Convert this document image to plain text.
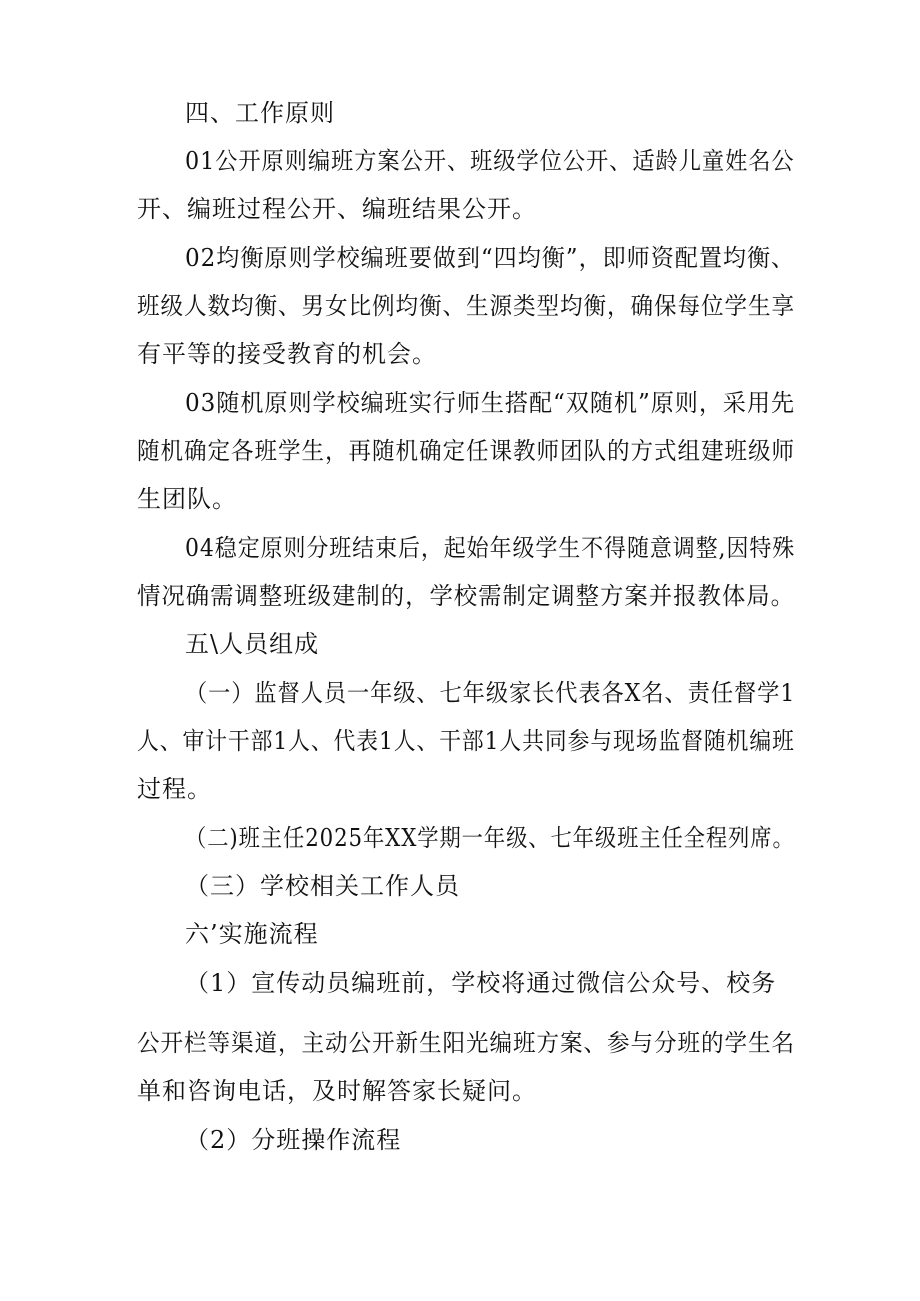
四、工作原则

01公开原则编班方案公开、班级学位公开、适龄儿童姓名公

开、编班过程公开、编班结果公开。

02均衡原则学校编班要做到“四均衡”，即师资配置均衡、

班级人数均衡、男女比例均衡、生源类型均衡，确保每位学生享

有平等的接受教育的机会。

03随机原则学校编班实行师生搭配“双随机”原则，采用先

随机确定各班学生，再随机确定任课教师团队的方式组建班级师

生团队。

04稳定原则分班结束后，起始年级学生不得随意调整,因特殊

情况确需调整班级建制的，学校需制定调整方案并报教体局。

五\人员组成

（一）监督人员一年级、七年级家长代表各X名、责任督学1

人、审计干部1人、代表1人、干部1人共同参与现场监督随机编班

过程。

（二)班主任2025年XX学期一年级、七年级班主任全程列席。

（三）学校相关工作人员

六’实施流程

（1）宣传动员编班前，学校将通过微信公众号、校务

公开栏等渠道，主动公开新生阳光编班方案、参与分班的学生名

单和咨询电话，及时解答家长疑问。

（2）分班操作流程
